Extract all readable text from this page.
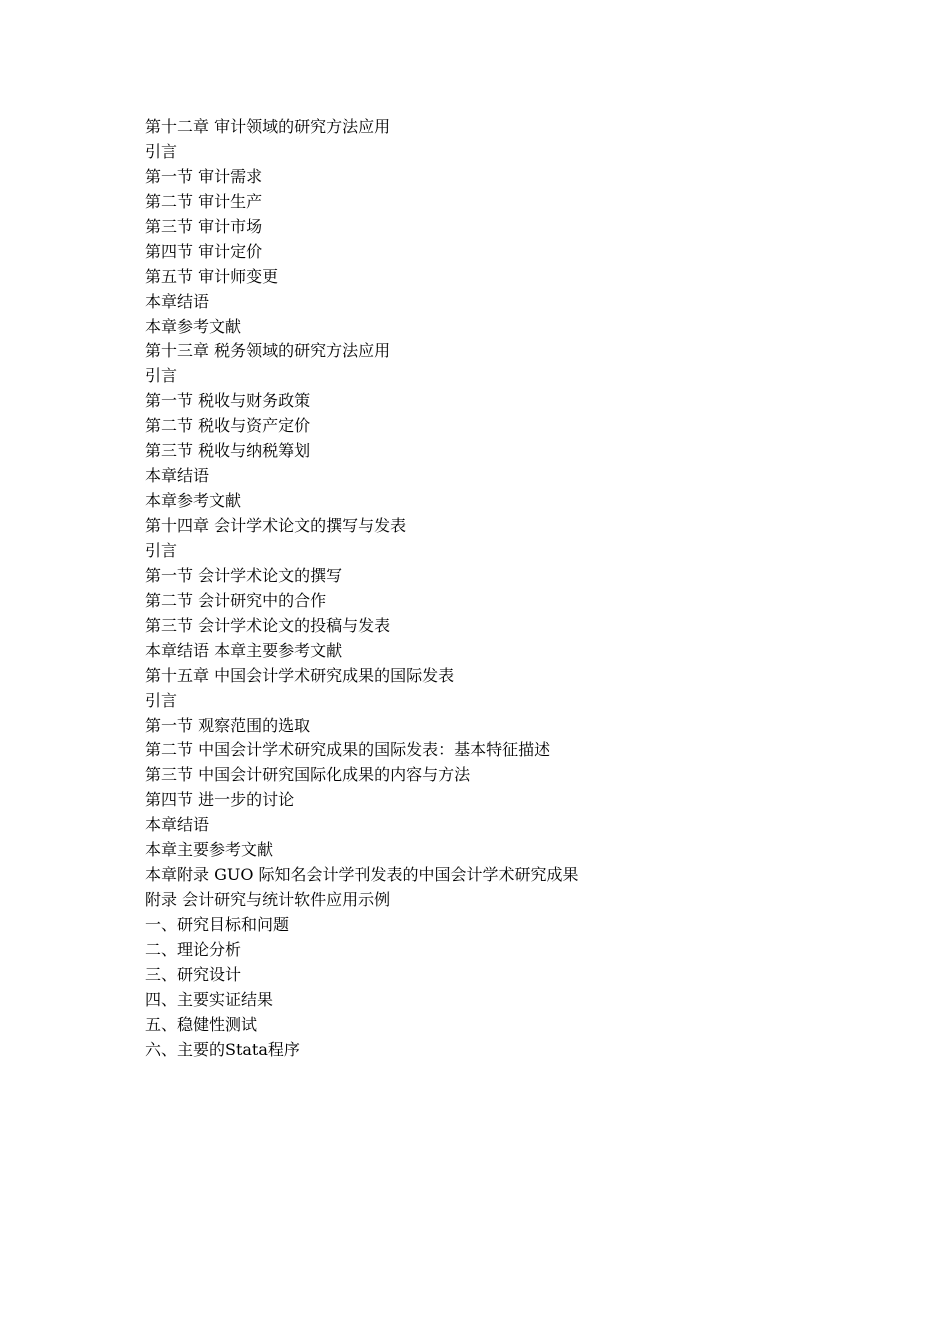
第十二章 审计领域的研究方法应用
引言
第一节 审计需求
第二节 审计生产
第三节 审计市场
第四节 审计定价
第五节 审计师变更
本章结语
本章参考文献
第十三章 税务领域的研究方法应用
引言
第一节 税收与财务政策
第二节 税收与资产定价
第三节 税收与纳税筹划
本章结语
本章参考文献
第十四章 会计学术论文的撰写与发表
引言
第一节 会计学术论文的撰写
第二节 会计研究中的合作
第三节 会计学术论文的投稿与发表
本章结语 本章主要参考文献
第十五章 中国会计学术研究成果的国际发表
引言
第一节 观察范围的选取
第二节 中国会计学术研究成果的国际发表：基本特征描述
第三节 中国会计研究国际化成果的内容与方法
第四节 进一步的讨论
本章结语
本章主要参考文献
本章附录 GUO 际知名会计学刊发表的中国会计学术研究成果
附录 会计研究与统计软件应用示例
一、研究目标和问题
二、理论分析
三、研究设计
四、主要实证结果
五、稳健性测试
六、主要的Stata程序
